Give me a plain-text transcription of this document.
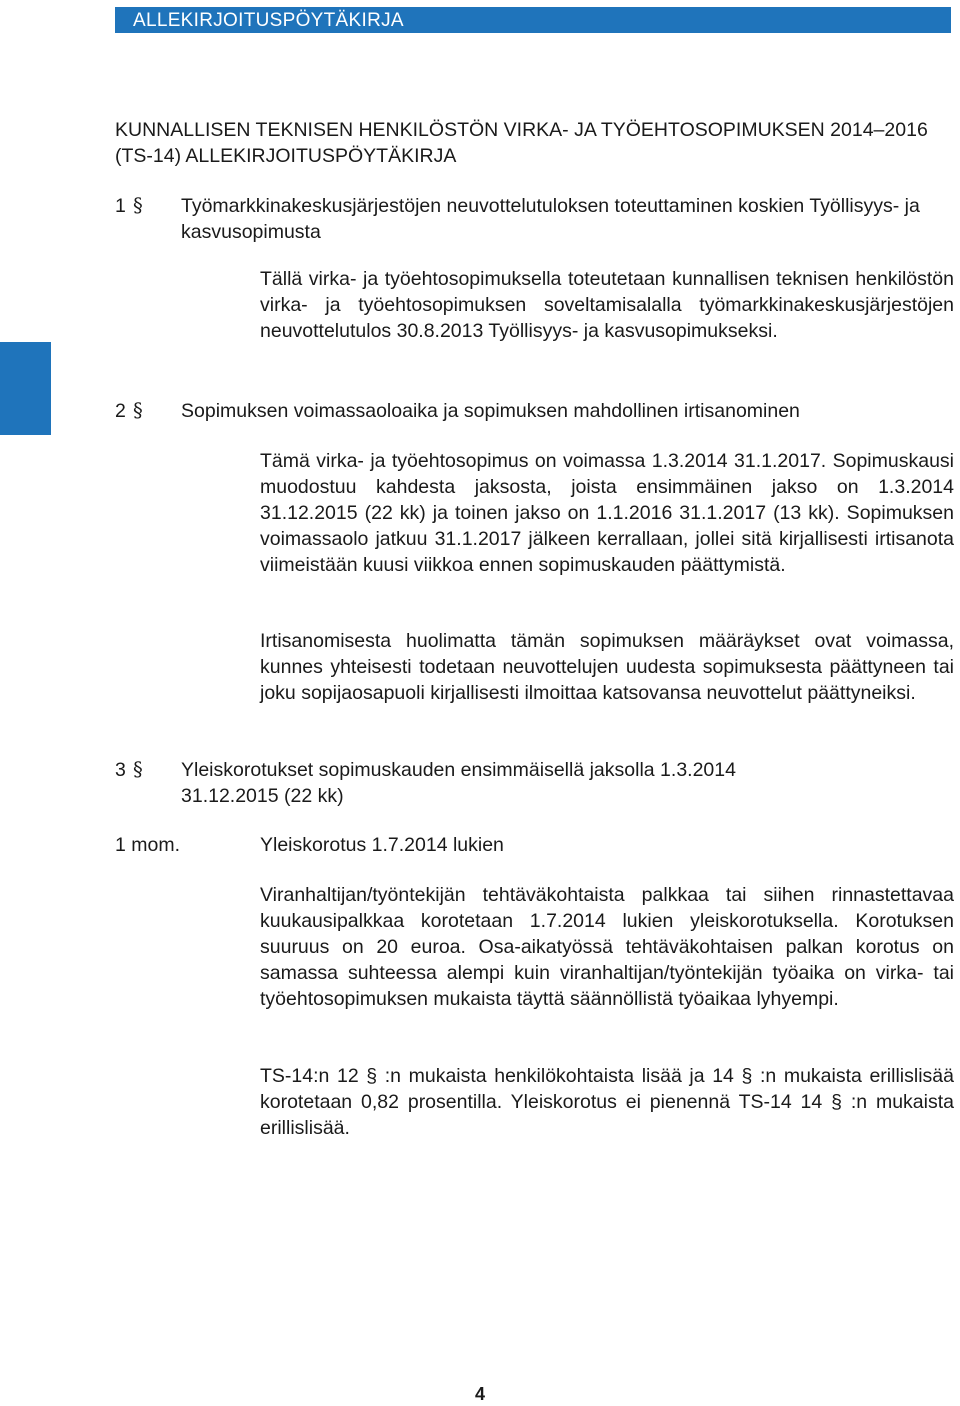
ALLEKIRJOITUSPÖYTÄKIRJA
KUNNALLISEN TEKNISEN HENKILÖSTÖN VIRKA- JA TYÖEHTOSOPIMUKSEN 2014–2016 (TS-14) ALLEKIRJOITUSPÖYTÄKIRJA
1 § Työmarkkinakeskusjärjestöjen neuvottelutuloksen toteuttaminen koskien Työllisyys- ja kasvusopimusta
Tällä virka- ja työehtosopimuksella toteutetaan kunnallisen teknisen henkilöstön virka- ja työehtosopimuksen soveltamisalalla työmarkkinakeskusjärjestöjen neuvottelutulos 30.8.2013 Työllisyys- ja kasvusopimukseksi.
2 § Sopimuksen voimassaoloaika ja sopimuksen mahdollinen irtisanominen
Tämä virka- ja työehtosopimus on voimassa 1.3.2014 31.1.2017. Sopimuskausi muodostuu kahdesta jaksosta, joista ensimmäinen jakso on 1.3.2014 31.12.2015 (22 kk) ja toinen jakso on 1.1.2016 31.1.2017 (13 kk). Sopimuksen voimassaolo jatkuu 31.1.2017 jälkeen kerrallaan, jollei sitä kirjallisesti irtisanota viimeistään kuusi viikkoa ennen sopimuskauden päättymistä.
Irtisanomisesta huolimatta tämän sopimuksen määräykset ovat voimassa, kunnes yhteisesti todetaan neuvottelujen uudesta sopimuksesta päättyneen tai joku sopijaosapuoli kirjallisesti ilmoittaa katsovansa neuvottelut päättyneiksi.
3 § Yleiskorotukset sopimuskauden ensimmäisellä jaksolla 1.3.2014 31.12.2015 (22 kk)
1 mom.	Yleiskorotus 1.7.2014 lukien
Viranhaltijan/työntekijän tehtäväkohtaista palkkaa tai siihen rinnastettavaa kuukausipalkkaa korotetaan 1.7.2014 lukien yleiskorotuksella. Korotuksen suuruus on 20 euroa. Osa-aikatyössä tehtäväkohtaisen palkan korotus on samassa suhteessa alempi kuin viranhaltijan/työntekijän työaika on virka- tai työehtosopimuksen mukaista täyttä säännöllistä työaikaa lyhyempi.
TS-14:n 12 § :n mukaista henkilökohtaista lisää ja 14 § :n mukaista erillislisää korotetaan 0,82 prosentilla. Yleiskorotus ei pienennä TS-14 14 § :n mukaista erillislisää.
4
